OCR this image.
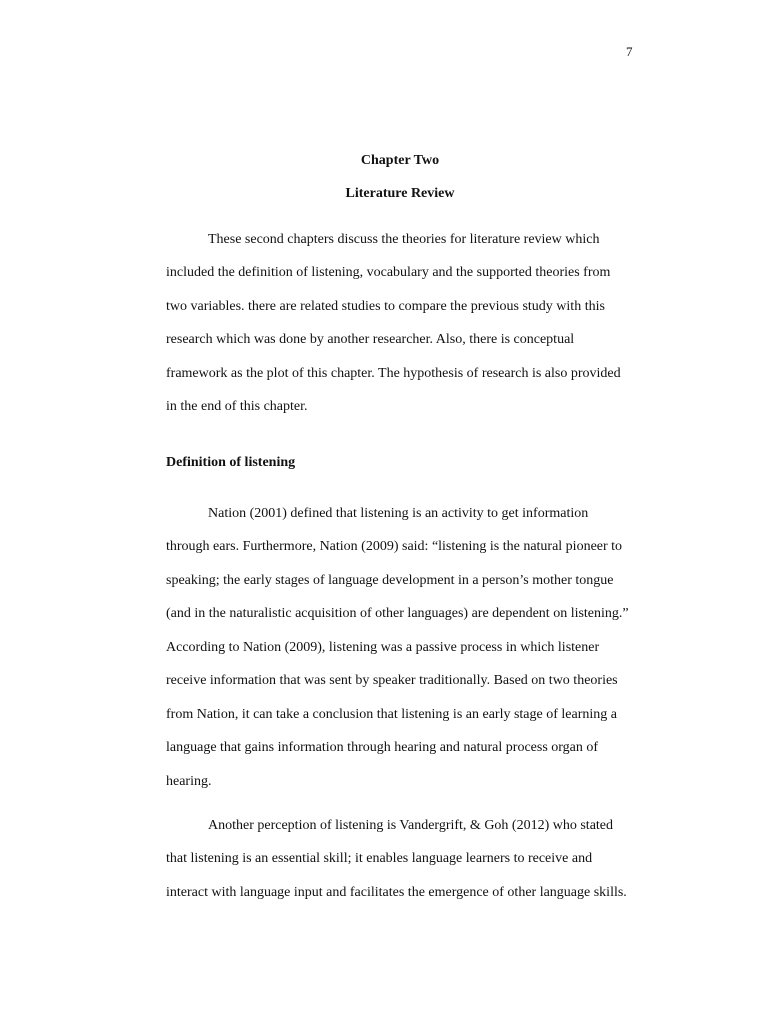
7
Chapter Two
Literature Review
These second chapters discuss the theories for literature review which
included the definition of listening, vocabulary and the supported theories from
two variables. there are related studies to compare the previous study with this
research which was done by another researcher. Also, there is conceptual
framework as the plot of this chapter. The hypothesis of research is also provided
in the end of this chapter.
Definition of listening
Nation (2001) defined that listening is an activity to get information
through ears. Furthermore, Nation (2009) said: “listening is the natural pioneer to
speaking; the early stages of language development in a person’s mother tongue
(and in the naturalistic acquisition of other languages) are dependent on listening.”
According to Nation (2009), listening was a passive process in which listener
receive information that was sent by speaker traditionally. Based on two theories
from Nation, it can take a conclusion that listening is an early stage of learning a
language that gains information through hearing and natural process organ of
hearing.
Another perception of listening is Vandergrift, & Goh (2012) who stated
that listening is an essential skill; it enables language learners to receive and
interact with language input and facilitates the emergence of other language skills.
